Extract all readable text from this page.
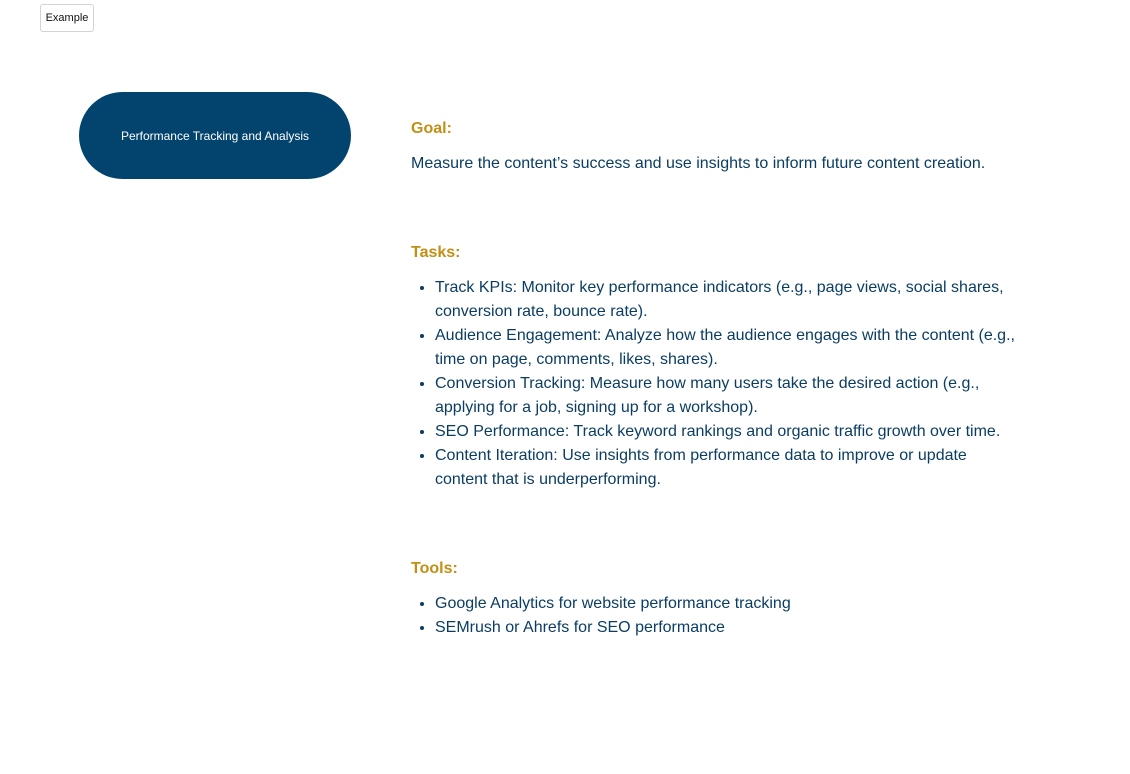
Example
Performance Tracking and Analysis	Goal:

Measure the content’s success and use insights to inform future content creation.

Tasks:

• Track KPIs: Monitor key performance indicators (e.g., page views, social shares, conversion rate, bounce rate).
• Audience Engagement: Analyze how the audience engages with the content (e.g., time on page, comments, likes, shares).
• Conversion Tracking: Measure how many users take the desired action (e.g., applying for a job, signing up for a workshop).
• SEO Performance: Track keyword rankings and organic traffic growth over time.
• Content Iteration: Use insights from performance data to improve or update content that is underperforming.

Tools:

• Google Analytics for website performance tracking
• SEMrush or Ahrefs for SEO performance
